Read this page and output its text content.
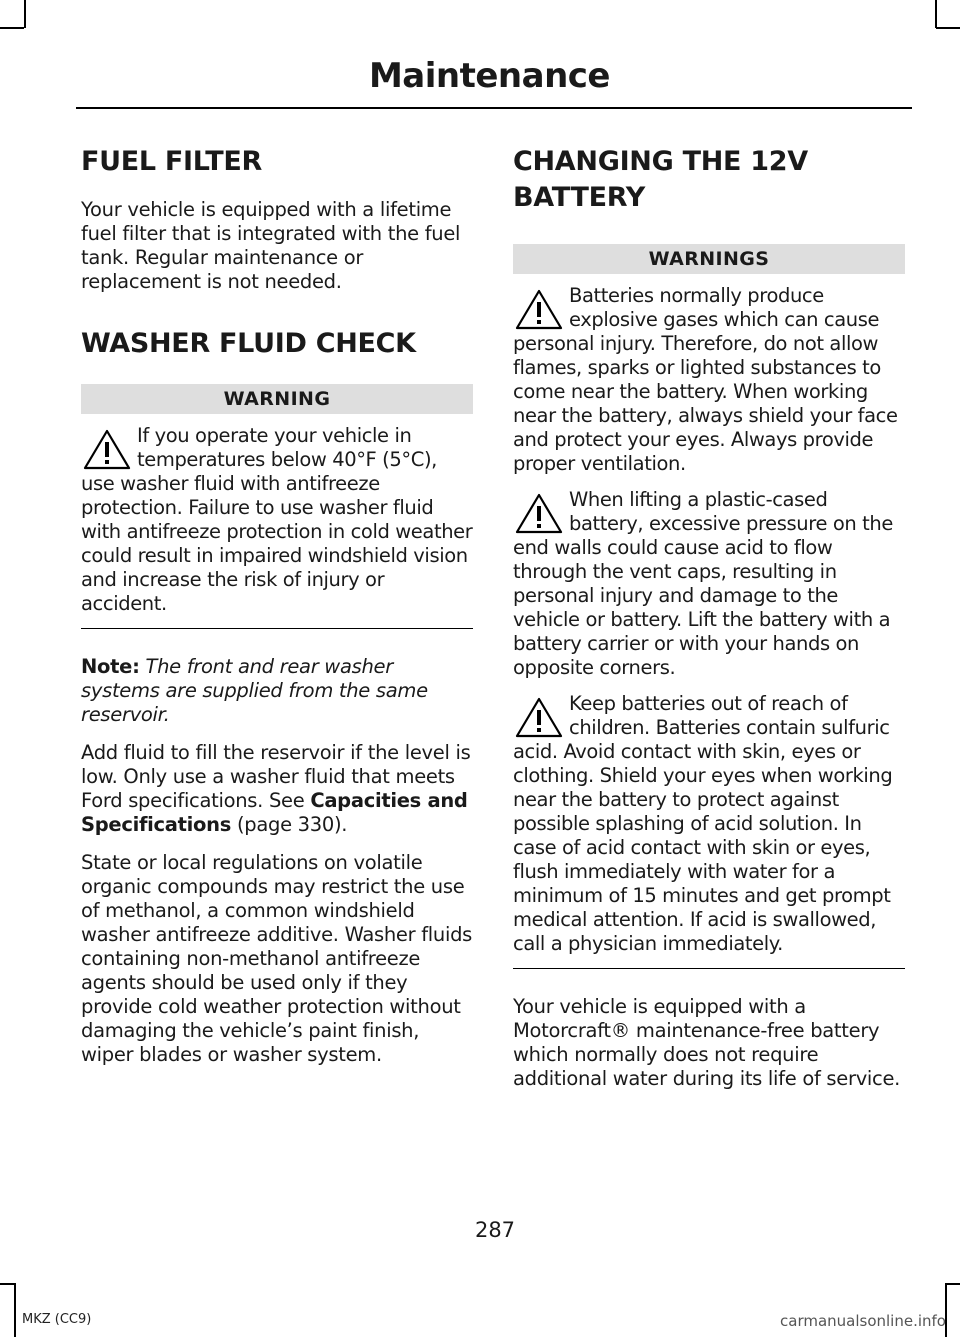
Maintenance
FUEL FILTER

Your vehicle is equipped with a lifetime fuel filter that is integrated with the fuel tank. Regular maintenance or replacement is not needed.

WASHER FLUID CHECK
WARNING
If you operate your vehicle in temperatures below 40°F (5°C), use washer fluid with antifreeze protection. Failure to use washer fluid with antifreeze protection in cold weather could result in impaired windshield vision and increase the risk of injury or accident.

Note: The front and rear washer systems are supplied from the same reservoir.

Add fluid to fill the reservoir if the level is low. Only use a washer fluid that meets Ford specifications. See Capacities and Specifications (page 330).

State or local regulations on volatile organic compounds may restrict the use of methanol, a common windshield washer antifreeze additive. Washer fluids containing non-methanol antifreeze agents should be used only if they provide cold weather protection without damaging the vehicle’s paint finish, wiper blades or washer system.

CHANGING THE 12V
BATTERY
WARNINGS
Batteries normally produce explosive gases which can cause personal injury. Therefore, do not allow flames, sparks or lighted substances to come near the battery. When working near the battery, always shield your face and protect your eyes. Always provide proper ventilation.
When lifting a plastic-cased battery, excessive pressure on the end walls could cause acid to flow through the vent caps, resulting in personal injury and damage to the vehicle or battery. Lift the battery with a battery carrier or with your hands on opposite corners.
Keep batteries out of reach of children. Batteries contain sulfuric acid. Avoid contact with skin, eyes or clothing. Shield your eyes when working near the battery to protect against possible splashing of acid solution. In case of acid contact with skin or eyes, flush immediately with water for a minimum of 15 minutes and get prompt medical attention. If acid is swallowed, call a physician immediately.

Your vehicle is equipped with a Motorcraft® maintenance-free battery which normally does not require additional water during its life of service.

287
MKZ (CC9)	carmanualsonline.info
